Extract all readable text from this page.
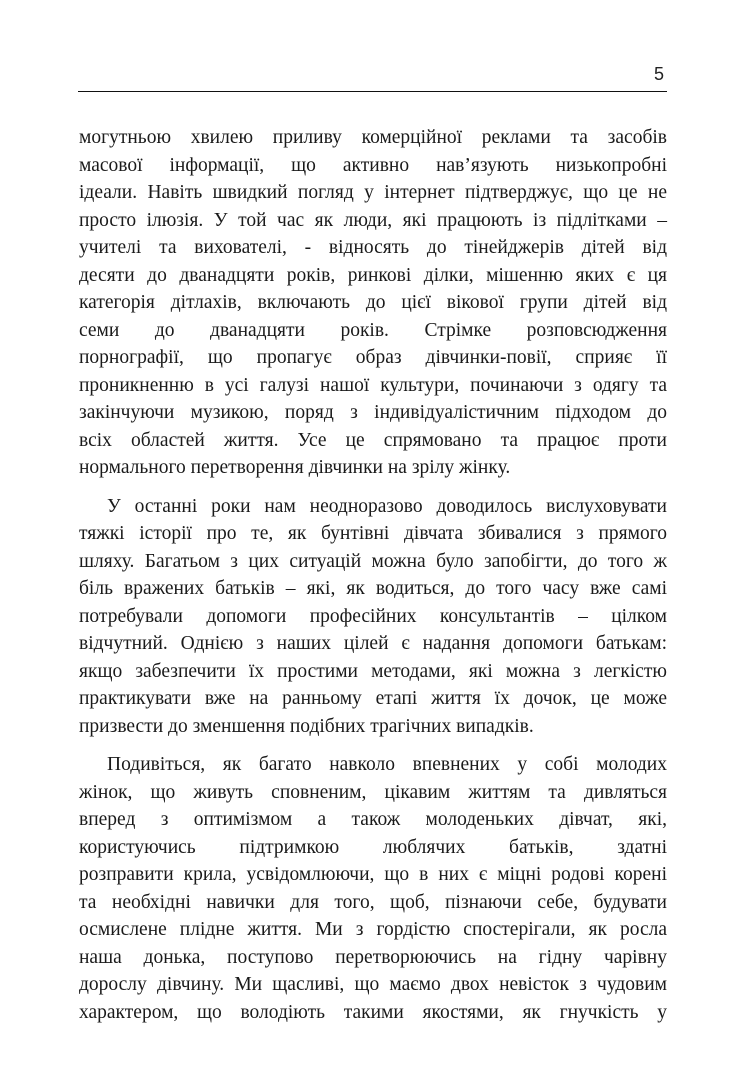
5
могутньою хвилею приливу комерційної реклами та засобів
масової інформації, що активно нав’язують низькопробні
ідеали. Навіть швидкий погляд у інтернет підтверджує, що це не
просто ілюзія. У той час як люди, які працюють із підлітками –
учителі та вихователі, - відносять до тінейджерів дітей від
десяти до дванадцяти років, ринкові ділки, мішенню яких є ця
категорія дітлахів, включають до цієї вікової групи дітей від
семи до дванадцяти років. Стрімке розповсюдження
порнографії, що пропагує образ дівчинки-повії, сприяє її
проникненню в усі галузі нашої культури, починаючи з одягу та
закінчуючи музикою, поряд з індивідуалістичним підходом до
всіх областей життя. Усе це спрямовано та працює проти
нормального перетворення дівчинки на зрілу жінку.
У останні роки нам неодноразово доводилось вислуховувати
тяжкі історії про те, як бунтівні дівчата збивалися з прямого
шляху. Багатьом з цих ситуацій можна було запобігти, до того ж
біль вражених батьків – які, як водиться, до того часу вже самі
потребували допомоги професійних консультантів – цілком
відчутний. Однією з наших цілей є надання допомоги батькам:
якщо забезпечити їх простими методами, які можна з легкістю
практикувати вже на ранньому етапі життя їх дочок, це може
призвести до зменшення подібних трагічних випадків.
Подивіться, як багато навколо впевнених у собі молодих
жінок, що живуть сповненим, цікавим життям та дивляться
вперед з оптимізмом а також молоденьких дівчат, які,
користуючись підтримкою люблячих батьків, здатні
розправити крила, усвідомлюючи, що в них є міцні родові корені
та необхідні навички для того, щоб, пізнаючи себе, будувати
осмислене плідне життя. Ми з гордістю спостерігали, як росла
наша донька, поступово перетворюючись на гідну чарівну
дорослу дівчину. Ми щасливі, що маємо двох невісток з чудовим
характером, що володіють такими якостями, як гнучкість у
